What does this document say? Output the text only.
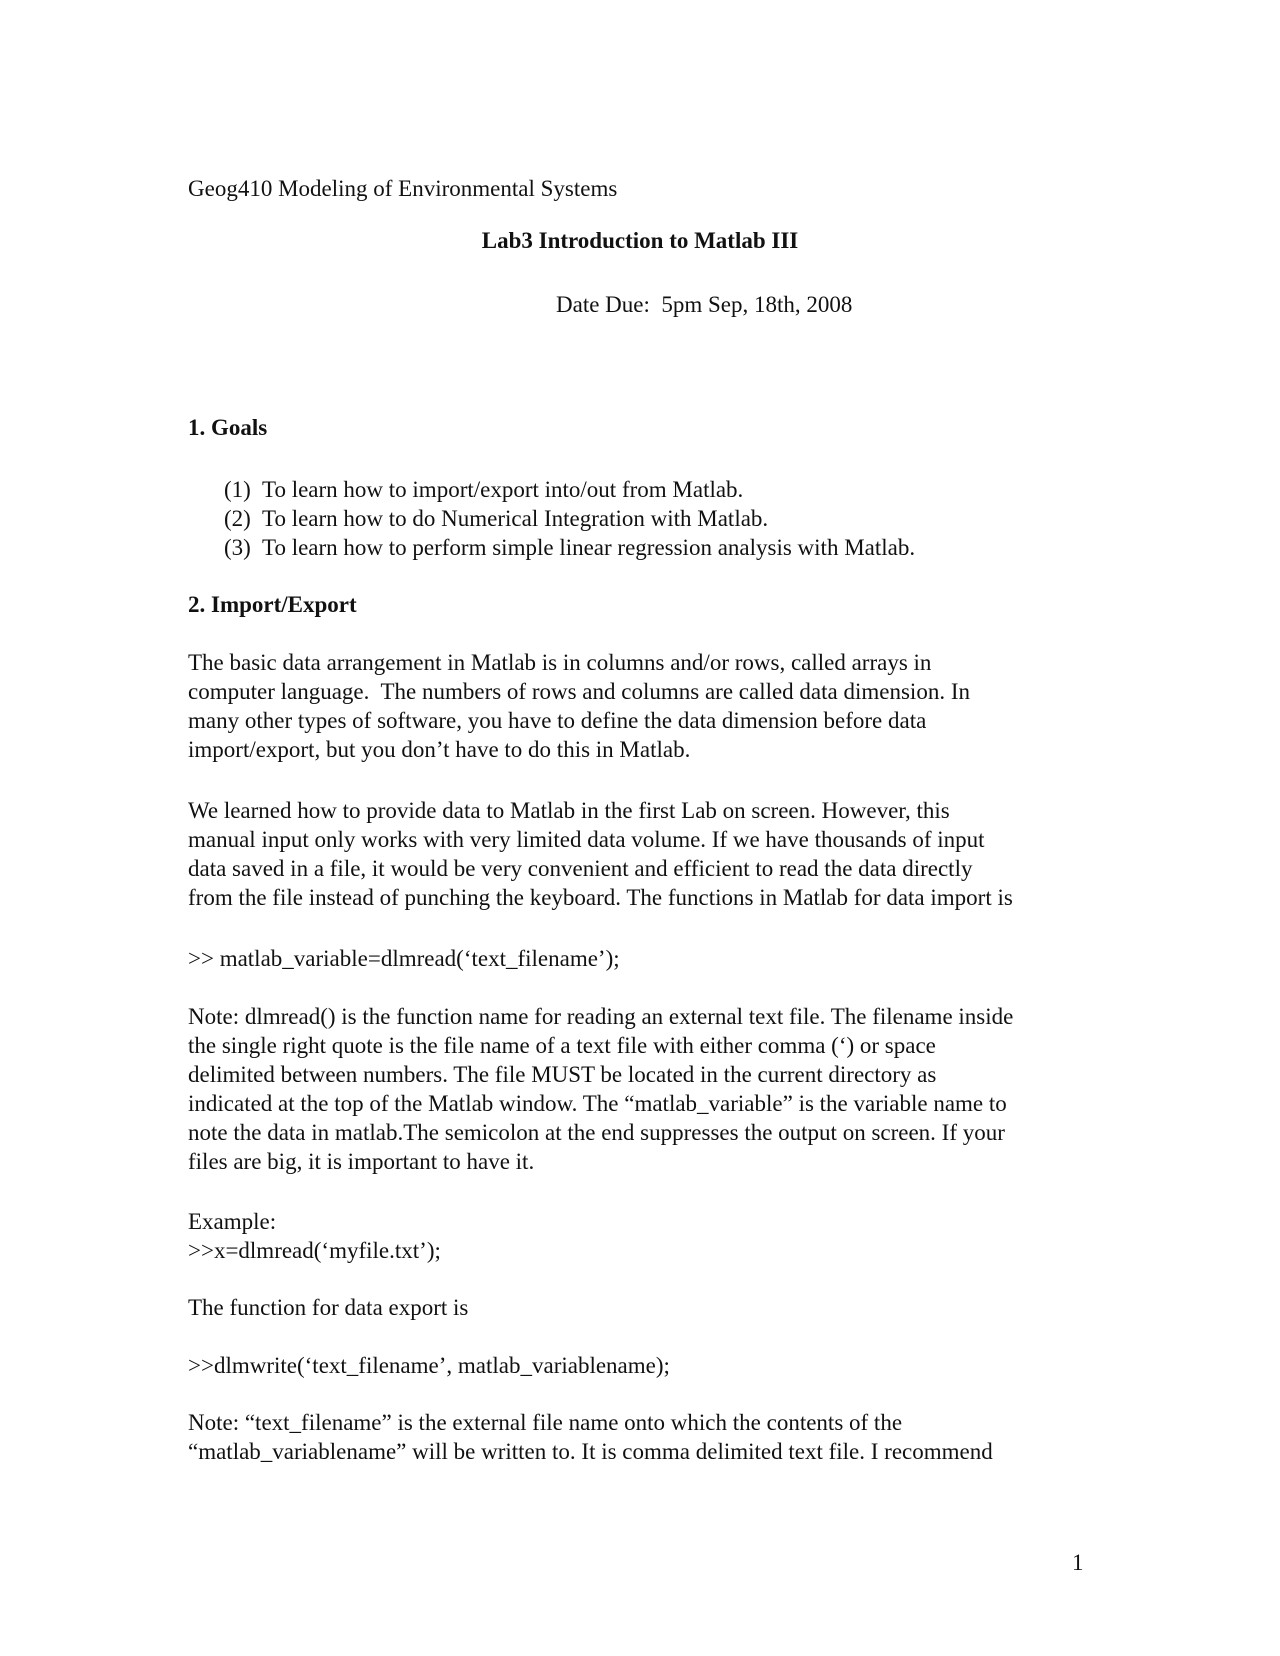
Geog410 Modeling of Environmental Systems

Lab3 Introduction to Matlab III

Date Due:  5pm Sep, 18th, 2008

1. Goals

(1) To learn how to import/export into/out from Matlab.
(2) To learn how to do Numerical Integration with Matlab.
(3) To learn how to perform simple linear regression analysis with Matlab.

2. Import/Export

The basic data arrangement in Matlab is in columns and/or rows, called arrays in
computer language.  The numbers of rows and columns are called data dimension. In
many other types of software, you have to define the data dimension before data
import/export, but you don’t have to do this in Matlab.
We learned how to provide data to Matlab in the first Lab on screen. However, this
manual input only works with very limited data volume. If we have thousands of input
data saved in a file, it would be very convenient and efficient to read the data directly
from the file instead of punching the keyboard. The functions in Matlab for data import is

>> matlab_variable=dlmread(‘text_filename’);

Note: dlmread() is the function name for reading an external text file. The filename inside
the single right quote is the file name of a text file with either comma (‘) or space
delimited between numbers. The file MUST be located in the current directory as
indicated at the top of the Matlab window. The “matlab_variable” is the variable name to
note the data in matlab.The semicolon at the end suppresses the output on screen. If your
files are big, it is important to have it.

Example:

>>x=dlmread(‘myfile.txt’);

The function for data export is

>>dlmwrite(‘text_filename’, matlab_variablename);

Note: “text_filename” is the external file name onto which the contents of the
“matlab_variablename” will be written to. It is comma delimited text file. I recommend

1
